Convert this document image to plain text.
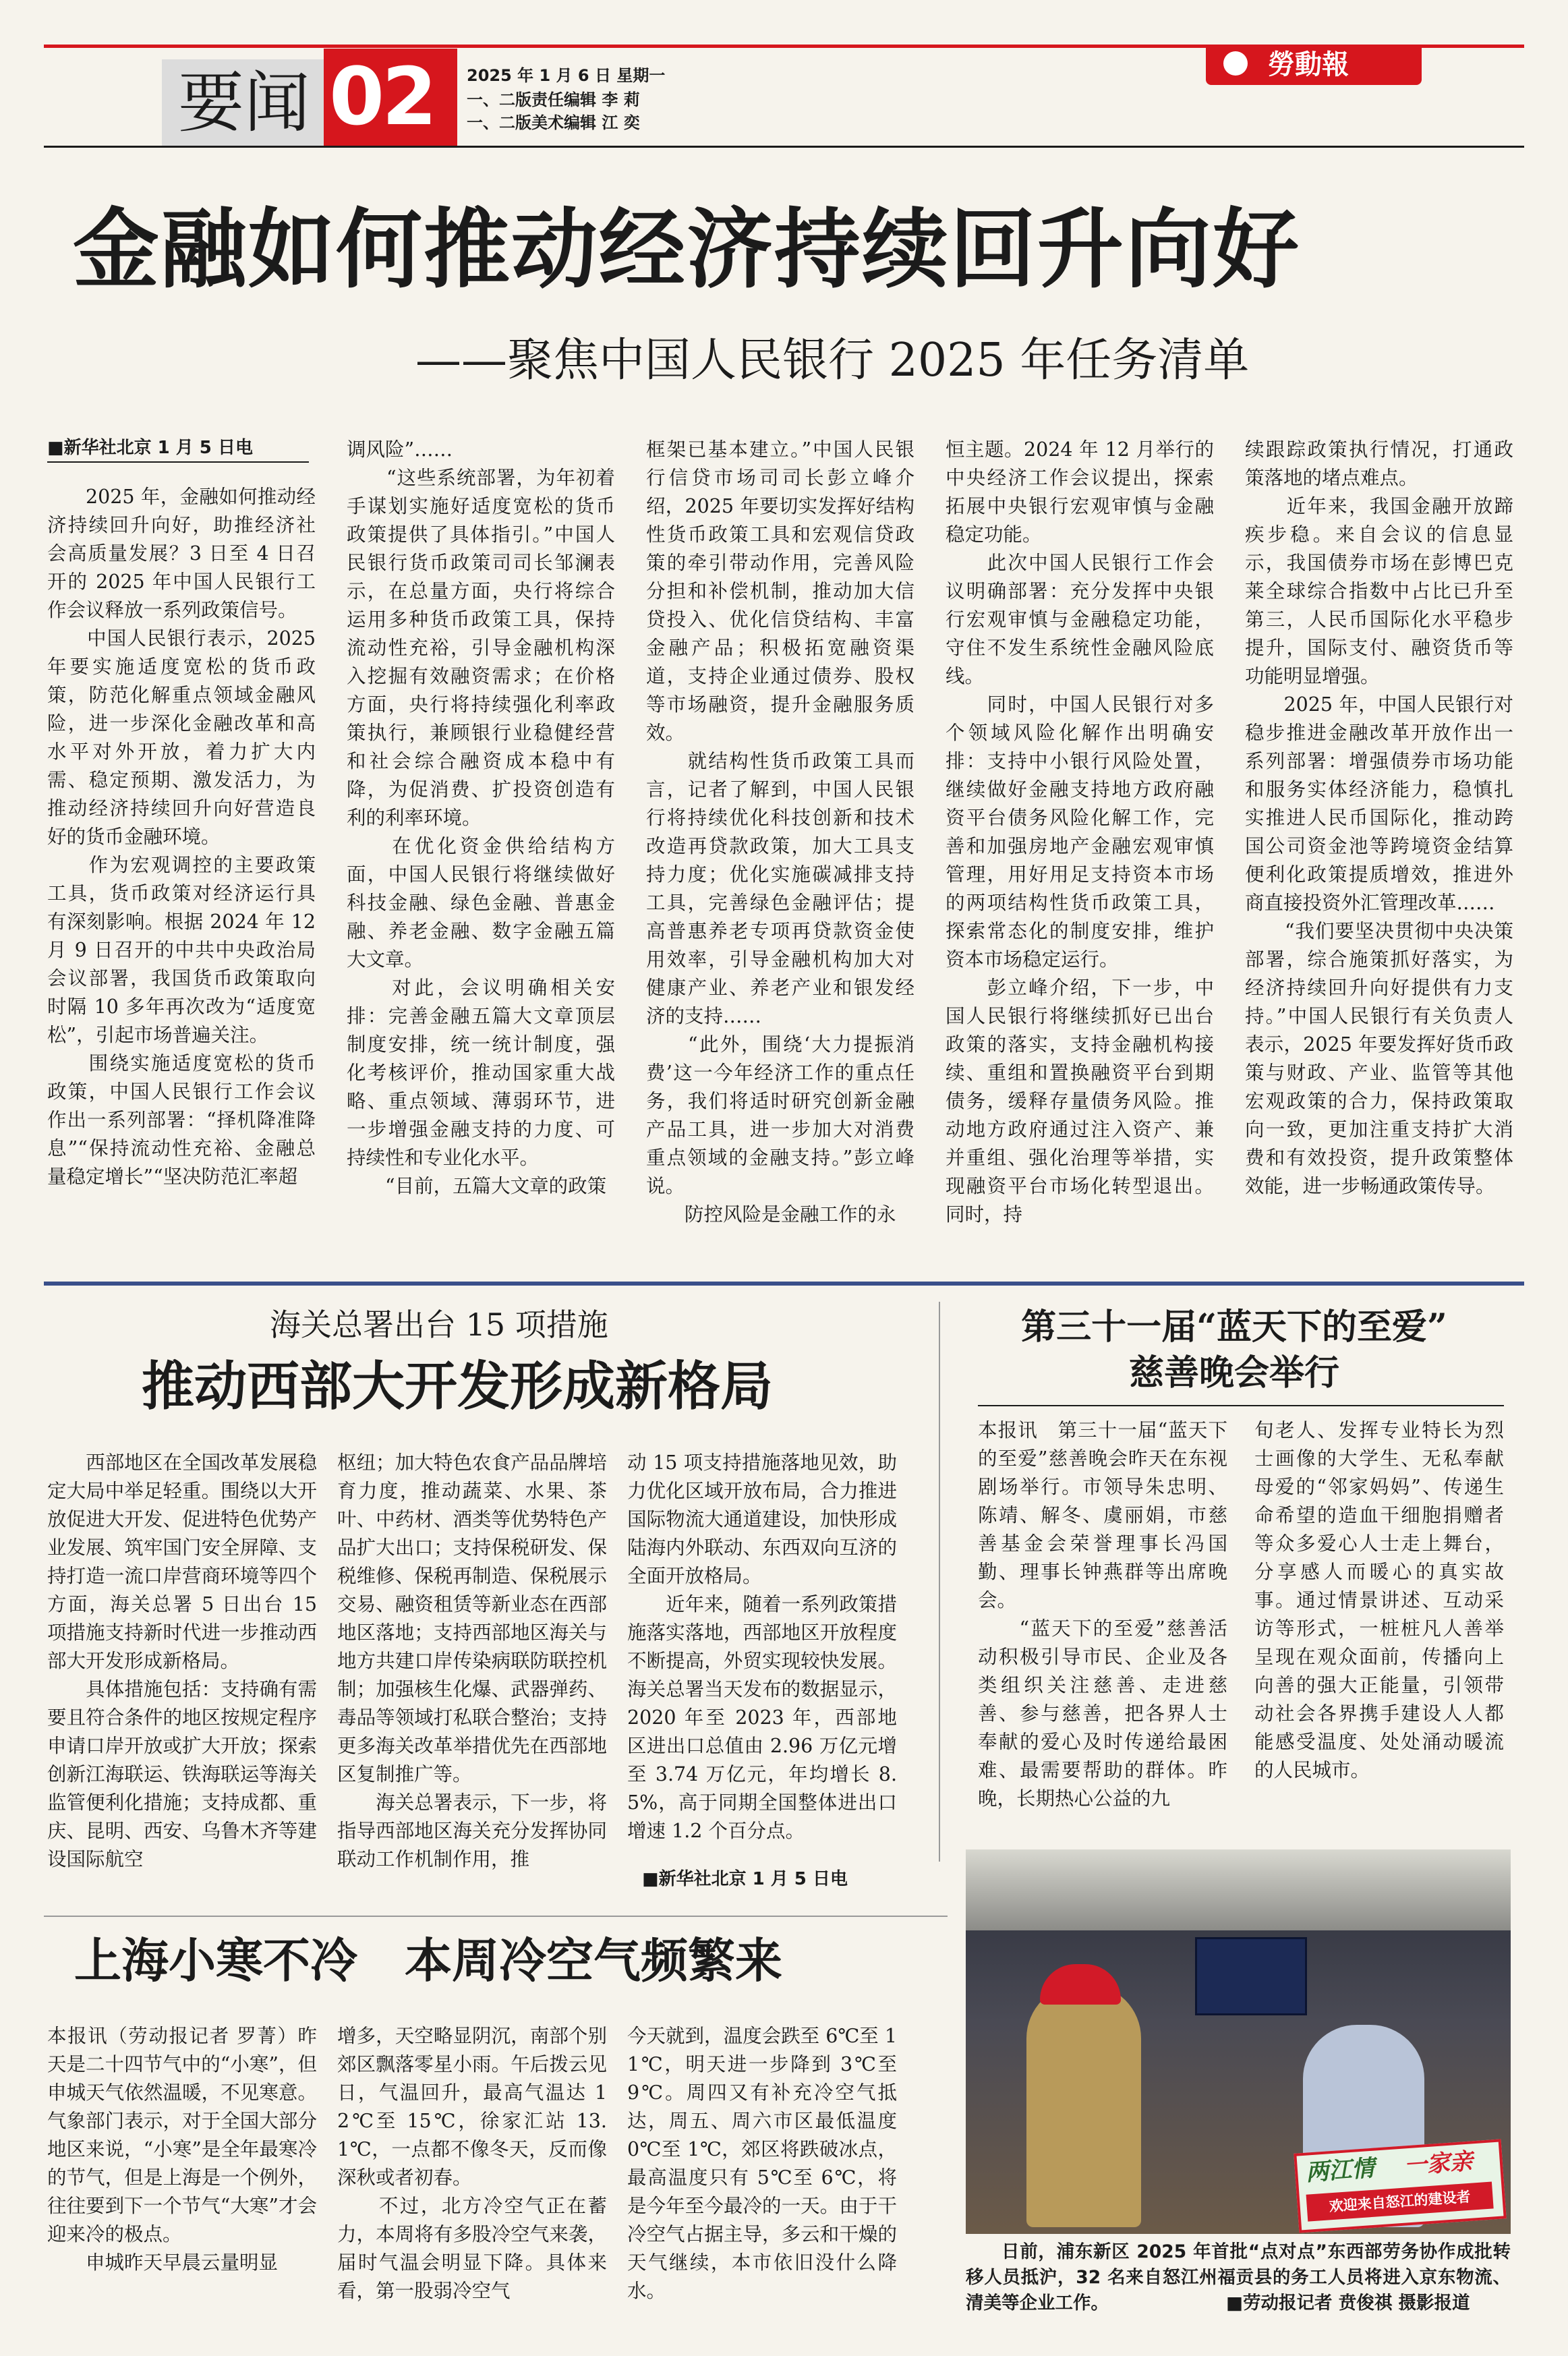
要闻 02 2025 年 1 月 6 日 星期一
一、二版责任编辑 李 莉
一、二版美术编辑 江 奕
勞動報
金融如何推动经济持续回升向好
——聚焦中国人民银行 2025 年任务清单
■新华社北京 1 月 5 日电
2025 年，金融如何推动经济持续回升向好，助推经济社会高质量发展？3 日至 4 日召开的 2025 年中国人民银行工作会议释放一系列政策信号。
　　中国人民银行表示，2025 年要实施适度宽松的货币政策，防范化解重点领域金融风险，进一步深化金融改革和高水平对外开放，着力扩大内需、稳定预期、激发活力，为推动经济持续回升向好营造良好的货币金融环境。
　　作为宏观调控的主要政策工具，货币政策对经济运行具有深刻影响。根据 2024 年 12 月 9 日召开的中共中央政治局会议部署，我国货币政策取向时隔 10 多年再次改为“适度宽松”，引起市场普遍关注。
　　围绕实施适度宽松的货币政策，中国人民银行工作会议作出一系列部署：“择机降准降息”“保持流动性充裕、金融总量稳定增长”“坚决防范汇率超
调风险”……
　　“这些系统部署，为年初着手谋划实施好适度宽松的货币政策提供了具体指引。”中国人民银行货币政策司司长邹澜表示，在总量方面，央行将综合运用多种货币政策工具，保持流动性充裕，引导金融机构深入挖掘有效融资需求；在价格方面，央行将持续强化利率政策执行，兼顾银行业稳健经营和社会综合融资成本稳中有降，为促消费、扩投资创造有利的利率环境。
　　在优化资金供给结构方面，中国人民银行将继续做好科技金融、绿色金融、普惠金融、养老金融、数字金融五篇大文章。
　　对此，会议明确相关安排：完善金融五篇大文章顶层制度安排，统一统计制度，强化考核评价，推动国家重大战略、重点领域、薄弱环节，进一步增强金融支持的力度、可持续性和专业化水平。
　　“目前，五篇大文章的政策
框架已基本建立。”中国人民银行信贷市场司司长彭立峰介绍，2025 年要切实发挥好结构性货币政策工具和宏观信贷政策的牵引带动作用，完善风险分担和补偿机制，推动加大信贷投入、优化信贷结构、丰富金融产品；积极拓宽融资渠道，支持企业通过债券、股权等市场融资，提升金融服务质效。
　　就结构性货币政策工具而言，记者了解到，中国人民银行将持续优化科技创新和技术改造再贷款政策，加大工具支持力度；优化实施碳减排支持工具，完善绿色金融评估；提高普惠养老专项再贷款资金使用效率，引导金融机构加大对健康产业、养老产业和银发经济的支持……
　　“此外，围绕‘大力提振消费’这一今年经济工作的重点任务，我们将适时研究创新金融产品工具，进一步加大对消费重点领域的金融支持。”彭立峰说。
　　防控风险是金融工作的永
恒主题。2024 年 12 月举行的中央经济工作会议提出，探索拓展中央银行宏观审慎与金融稳定功能。
　　此次中国人民银行工作会议明确部署：充分发挥中央银行宏观审慎与金融稳定功能，守住不发生系统性金融风险底线。
　　同时，中国人民银行对多个领域风险化解作出明确安排：支持中小银行风险处置，继续做好金融支持地方政府融资平台债务风险化解工作，完善和加强房地产金融宏观审慎管理，用好用足支持资本市场的两项结构性货币政策工具，探索常态化的制度安排，维护资本市场稳定运行。
　　彭立峰介绍，下一步，中国人民银行将继续抓好已出台政策的落实，支持金融机构接续、重组和置换融资平台到期债务，缓释存量债务风险。推动地方政府通过注入资产、兼并重组、强化治理等举措，实现融资平台市场化转型退出。同时，持
续跟踪政策执行情况，打通政策落地的堵点难点。
　　近年来，我国金融开放蹄疾步稳。来自会议的信息显示，我国债券市场在彭博巴克莱全球综合指数中占比已升至第三，人民币国际化水平稳步提升，国际支付、融资货币等功能明显增强。
　　2025 年，中国人民银行对稳步推进金融改革开放作出一系列部署：增强债券市场功能和服务实体经济能力，稳慎扎实推进人民币国际化，推动跨国公司资金池等跨境资金结算便利化政策提质增效，推进外商直接投资外汇管理改革……
　　“我们要坚决贯彻中央决策部署，综合施策抓好落实，为经济持续回升向好提供有力支持。”中国人民银行有关负责人表示，2025 年要发挥好货币政策与财政、产业、监管等其他宏观政策的合力，保持政策取向一致，更加注重支持扩大消费和有效投资，提升政策整体效能，进一步畅通政策传导。
海关总署出台 15 项措施
推动西部大开发形成新格局
　　西部地区在全国改革发展稳定大局中举足轻重。围绕以大开放促进大开发、促进特色优势产业发展、筑牢国门安全屏障、支持打造一流口岸营商环境等四个方面，海关总署 5 日出台 15 项措施支持新时代进一步推动西部大开发形成新格局。
　　具体措施包括：支持确有需要且符合条件的地区按规定程序申请口岸开放或扩大开放；探索创新江海联运、铁海联运等海关监管便利化措施；支持成都、重庆、昆明、西安、乌鲁木齐等建设国际航空
枢纽；加大特色农食产品品牌培育力度，推动蔬菜、水果、茶叶、中药材、酒类等优势特色产品扩大出口；支持保税研发、保税维修、保税再制造、保税展示交易、融资租赁等新业态在西部地区落地；支持西部地区海关与地方共建口岸传染病联防联控机制；加强核生化爆、武器弹药、毒品等领域打私联合整治；支持更多海关改革举措优先在西部地区复制推广等。
　　海关总署表示，下一步，将指导西部地区海关充分发挥协同联动工作机制作用，推
动 15 项支持措施落地见效，助力优化区域开放布局，合力推进国际物流大通道建设，加快形成陆海内外联动、东西双向互济的全面开放格局。
　　近年来，随着一系列政策措施落实落地，西部地区开放程度不断提高，外贸实现较快发展。海关总署当天发布的数据显示，2020 年至 2023 年，西部地区进出口总值由 2.96 万亿元增至 3.74 万亿元，年均增长 8.5%，高于同期全国整体进出口增速 1.2 个百分点。
■新华社北京 1 月 5 日电
第三十一届“蓝天下的至爱”
慈善晚会举行
本报讯　第三十一届“蓝天下的至爱”慈善晚会昨天在东视剧场举行。市领导朱忠明、陈靖、解冬、虞丽娟，市慈善基金会荣誉理事长冯国勤、理事长钟燕群等出席晚会。
　　“蓝天下的至爱”慈善活动积极引导市民、企业及各类组织关注慈善、走进慈善、参与慈善，把各界人士奉献的爱心及时传递给最困难、最需要帮助的群体。昨晚，长期热心公益的九
旬老人、发挥专业特长为烈士画像的大学生、无私奉献母爱的“邻家妈妈”、传递生命希望的造血干细胞捐赠者等众多爱心人士走上舞台，分享感人而暖心的真实故事。通过情景讲述、互动采访等形式，一桩桩凡人善举呈现在观众面前，传播向上向善的强大正能量，引领带动社会各界携手建设人人都能感受温度、处处涌动暖流的人民城市。
两江情 一家亲
欢迎来自怒江的建设者
日前，浦东新区 2025 年首批“点对点”东西部劳务协作成批转移人员抵沪，32 名来自怒江州福贡县的务工人员将进入京东物流、清美等企业工作。	■劳动报记者 贲俊祺 摄影报道
上海小寒不冷　本周冷空气频繁来
本报讯（劳动报记者 罗菁）昨天是二十四节气中的“小寒”，但申城天气依然温暖，不见寒意。气象部门表示，对于全国大部分地区来说，“小寒”是全年最寒冷的节气，但是上海是一个例外，往往要到下一个节气“大寒”才会迎来冷的极点。
　　申城昨天早晨云量明显
增多，天空略显阴沉，南部个别郊区飘落零星小雨。午后拨云见日，气温回升，最高气温达 12℃至 15℃，徐家汇站 13.1℃，一点都不像冬天，反而像深秋或者初春。
　　不过，北方冷空气正在蓄力，本周将有多股冷空气来袭，届时气温会明显下降。具体来看，第一股弱冷空气
今天就到，温度会跌至 6℃至 11℃，明天进一步降到 3℃至 9℃。周四又有补充冷空气抵达，周五、周六市区最低温度 0℃至 1℃，郊区将跌破冰点，最高温度只有 5℃至 6℃，将是今年至今最冷的一天。由于干冷空气占据主导，多云和干燥的天气继续，本市依旧没什么降水。
